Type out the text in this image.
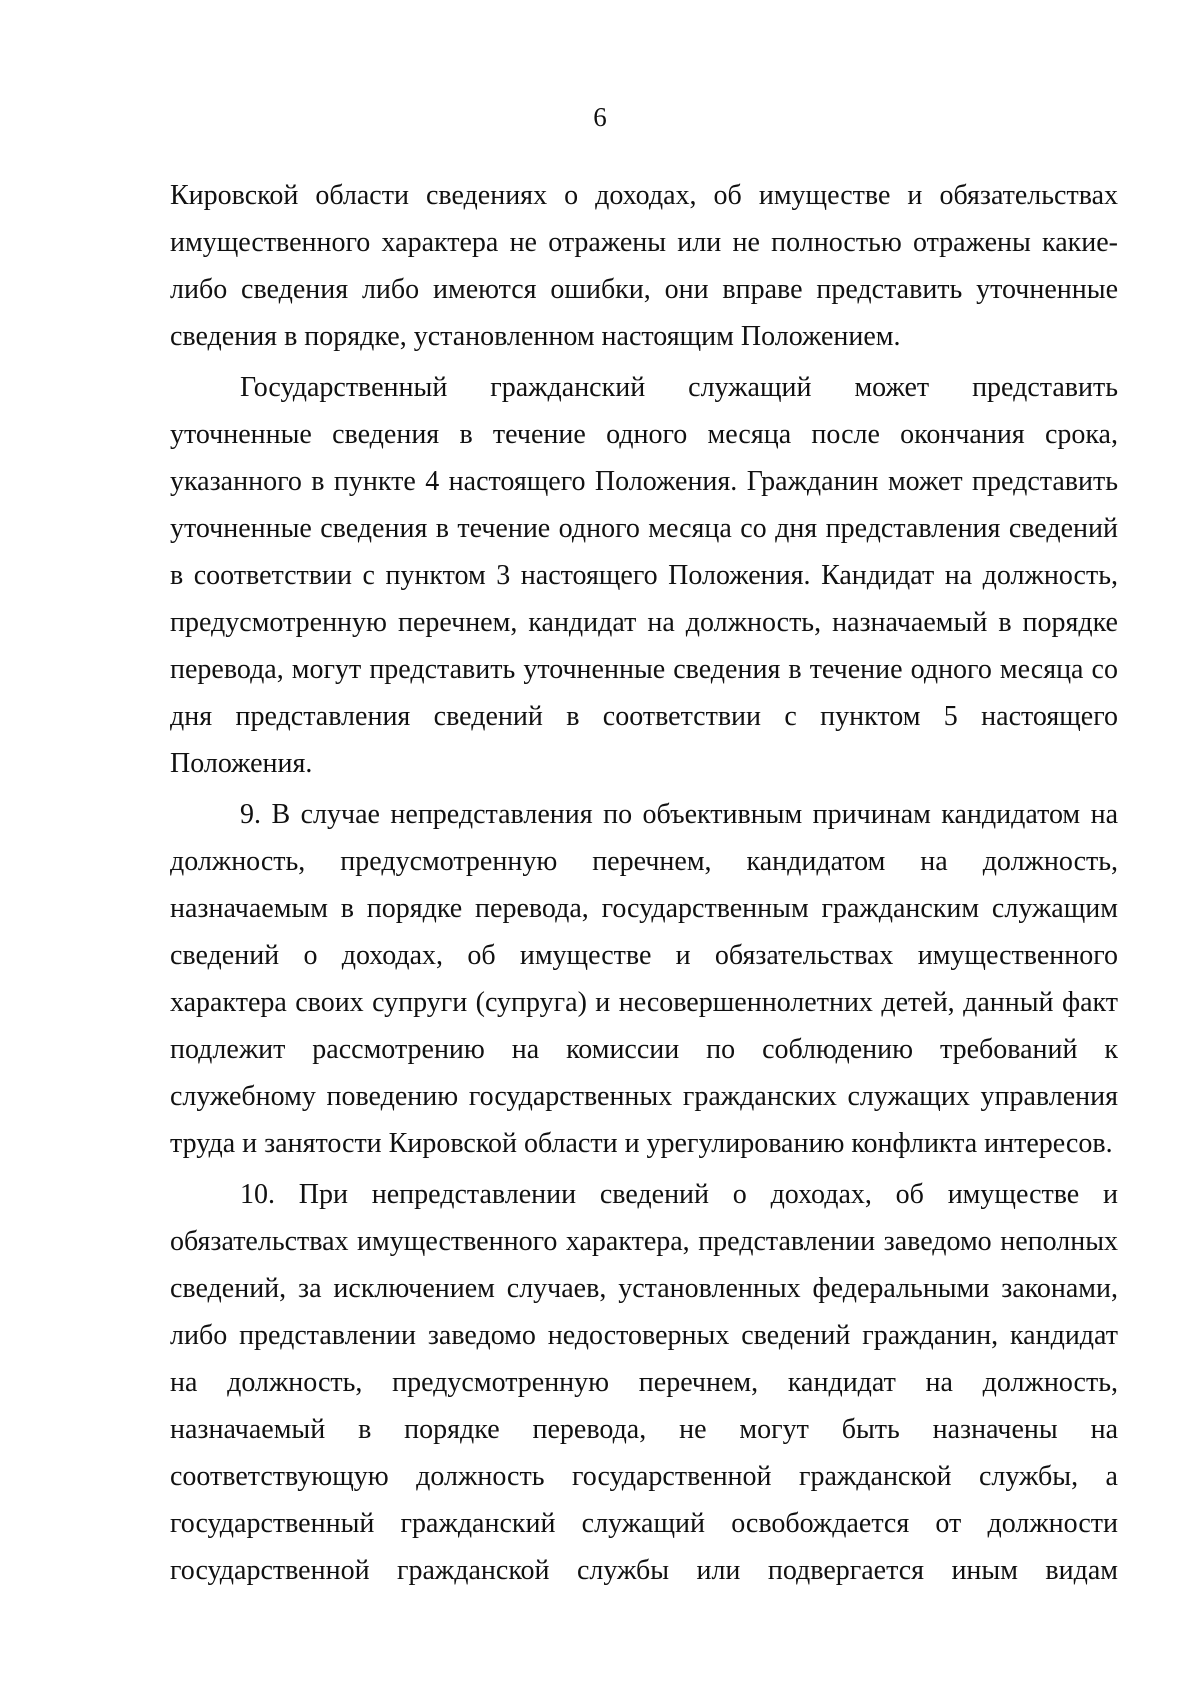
6

Кировской области сведениях о доходах, об имуществе и обязательствах имущественного характера не отражены или не полностью отражены какие-либо сведения либо имеются ошибки, они вправе представить уточненные сведения в порядке, установленном настоящим Положением.

Государственный гражданский служащий может представить уточненные сведения в течение одного месяца после окончания срока, указанного в пункте 4 настоящего Положения. Гражданин может представить уточненные сведения в течение одного месяца со дня представления сведений в соответствии с пунктом 3 настоящего Положения. Кандидат на должность, предусмотренную перечнем, кандидат на должность, назначаемый в порядке перевода, могут представить уточненные сведения в течение одного месяца со дня представления сведений в соответствии с пунктом 5 настоящего Положения.

9. В случае непредставления по объективным причинам кандидатом на должность, предусмотренную перечнем, кандидатом на должность, назначаемым в порядке перевода, государственным гражданским служащим сведений о доходах, об имуществе и обязательствах имущественного характера своих супруги (супруга) и несовершеннолетних детей, данный факт подлежит рассмотрению на комиссии по соблюдению требований к служебному поведению государственных гражданских служащих управления труда и занятости Кировской области и урегулированию конфликта интересов.

10. При непредставлении сведений о доходах, об имуществе и обязательствах имущественного характера, представлении заведомо неполных сведений, за исключением случаев, установленных федеральными законами, либо представлении заведомо недостоверных сведений гражданин, кандидат на должность, предусмотренную перечнем, кандидат на должность, назначаемый в порядке перевода, не могут быть назначены на соответствующую должность государственной гражданской службы, а государственный гражданский служащий освобождается от должности государственной гражданской службы или подвергается иным видам
